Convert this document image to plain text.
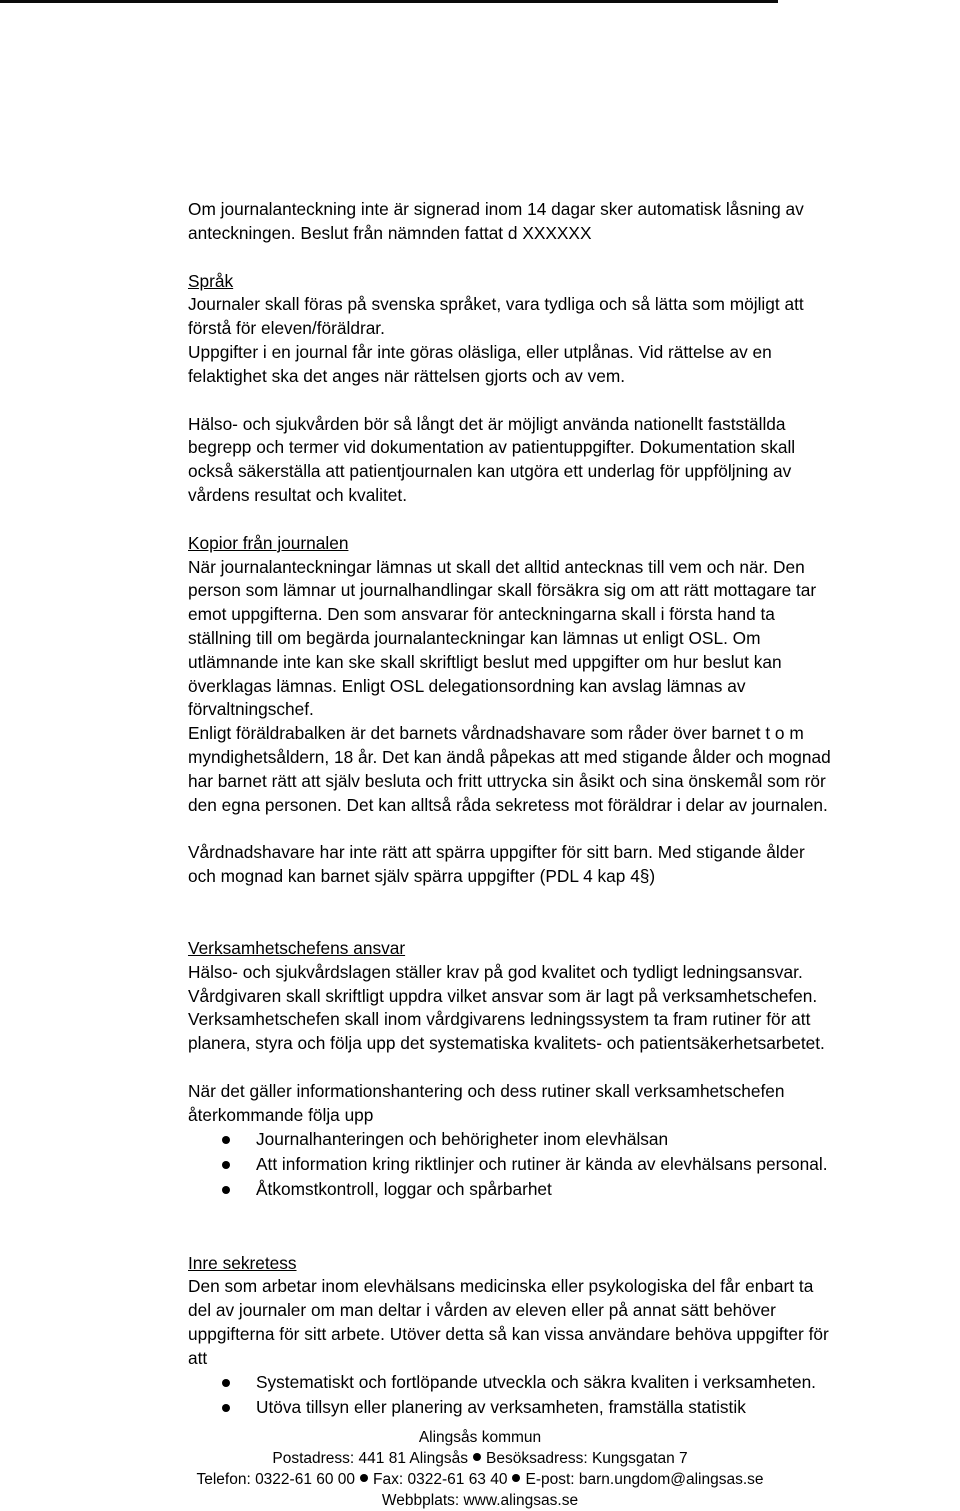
Om journalanteckning inte är signerad inom 14 dagar sker automatisk låsning av

anteckningen. Beslut från nämnden fattat d XXXXXX

Språk

Journaler skall föras på svenska språket, vara tydliga och så lätta som möjligt att

förstå för eleven/föräldrar.

Uppgifter i en journal får inte göras oläsliga, eller utplånas. Vid rättelse av en

felaktighet ska det anges när rättelsen gjorts och av vem.

Hälso- och sjukvården bör så långt det är möjligt använda nationellt fastställda

begrepp och termer vid dokumentation av patientuppgifter. Dokumentation skall

också säkerställa att patientjournalen kan utgöra ett underlag för uppföljning av

vårdens resultat och kvalitet.

Kopior från journalen

När journalanteckningar lämnas ut skall det alltid antecknas till vem och när. Den

person som lämnar ut journalhandlingar skall försäkra sig om att rätt mottagare tar

emot uppgifterna. Den som ansvarar för anteckningarna skall i första hand ta

ställning till om begärda journalanteckningar kan lämnas ut enligt OSL. Om

utlämnande inte kan ske skall skriftligt beslut med uppgifter om hur beslut kan

överklagas lämnas. Enligt OSL delegationsordning kan avslag lämnas av

förvaltningschef.

Enligt föräldrabalken är det barnets vårdnadshavare som råder över barnet t o m

myndighetsåldern, 18 år. Det kan ändå påpekas att med stigande ålder och mognad

har barnet rätt att själv besluta och fritt uttrycka sin åsikt och sina önskemål som rör

den egna personen. Det kan alltså råda sekretess mot föräldrar i delar av journalen.

Vårdnadshavare har inte rätt att spärra uppgifter för sitt barn. Med stigande ålder

och mognad kan barnet själv spärra uppgifter (PDL 4 kap 4§)

Verksamhetschefens ansvar

Hälso- och sjukvårdslagen ställer krav på god kvalitet och tydligt ledningsansvar.

Vårdgivaren skall skriftligt uppdra vilket ansvar som är lagt på verksamhetschefen.

Verksamhetschefen skall inom vårdgivarens ledningssystem ta fram rutiner för att

planera, styra och följa upp det systematiska kvalitets- och patientsäkerhetsarbetet.

När det gäller informationshantering och dess rutiner skall verksamhetschefen

återkommande följa upp

Journalhanteringen och behörigheter inom elevhälsan
Att information kring riktlinjer och rutiner är kända av elevhälsans personal.
Åtkomstkontroll, loggar och spårbarhet

Inre sekretess

Den som arbetar inom elevhälsans medicinska eller psykologiska del får enbart ta

del av journaler om man deltar i vården av eleven eller på annat sätt behöver

uppgifterna för sitt arbete. Utöver detta så kan vissa användare behöva uppgifter för

att

Systematiskt och fortlöpande utveckla och säkra kvaliten i verksamheten.
Utöva tillsyn eller planering av verksamheten, framställa statistik
Alingsås kommun
Postadress: 441 81 Alingsås Besöksadress: Kungsgatan 7
Telefon: 0322-61 60 00 Fax: 0322-61 63 40 E-post: barn.ungdom@alingsas.se
Webbplats: www.alingsas.se
